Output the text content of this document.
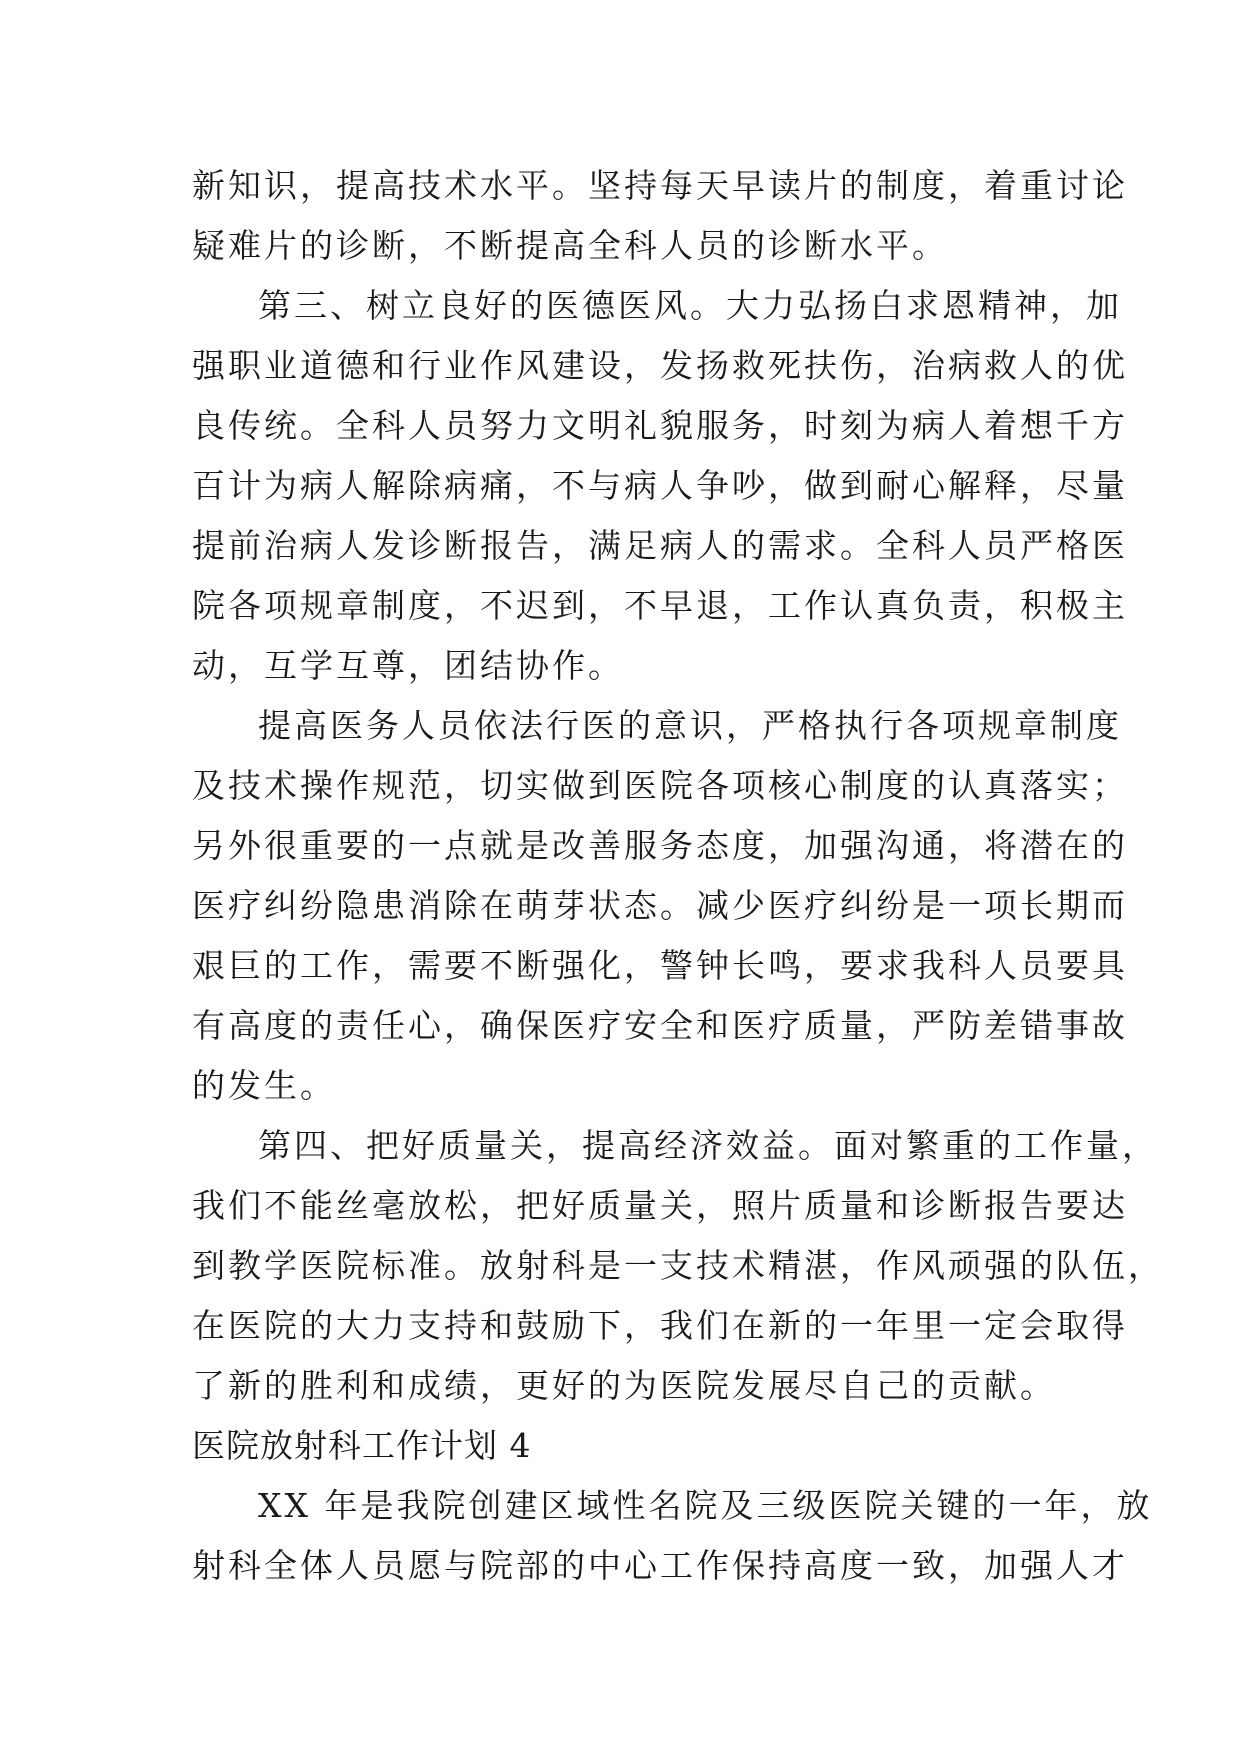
新知识，提高技术水平。坚持每天早读片的制度，着重讨论
疑难片的诊断，不断提高全科人员的诊断水平。
第三、树立良好的医德医风。大力弘扬白求恩精神，加
强职业道德和行业作风建设，发扬救死扶伤，治病救人的优
良传统。全科人员努力文明礼貌服务，时刻为病人着想千方
百计为病人解除病痛，不与病人争吵，做到耐心解释，尽量
提前治病人发诊断报告，满足病人的需求。全科人员严格医
院各项规章制度，不迟到，不早退，工作认真负责，积极主
动，互学互尊，团结协作。
提高医务人员依法行医的意识，严格执行各项规章制度
及技术操作规范，切实做到医院各项核心制度的认真落实；
另外很重要的一点就是改善服务态度，加强沟通，将潜在的
医疗纠纷隐患消除在萌芽状态。减少医疗纠纷是一项长期而
艰巨的工作，需要不断强化，警钟长鸣，要求我科人员要具
有高度的责任心，确保医疗安全和医疗质量，严防差错事故
的发生。
第四、把好质量关，提高经济效益。面对繁重的工作量，
我们不能丝毫放松，把好质量关，照片质量和诊断报告要达
到教学医院标准。放射科是一支技术精湛，作风顽强的队伍，
在医院的大力支持和鼓励下，我们在新的一年里一定会取得
了新的胜利和成绩，更好的为医院发展尽自己的贡献。
医院放射科工作计划 4
XX 年是我院创建区域性名院及三级医院关键的一年，放
射科全体人员愿与院部的中心工作保持高度一致，加强人才
